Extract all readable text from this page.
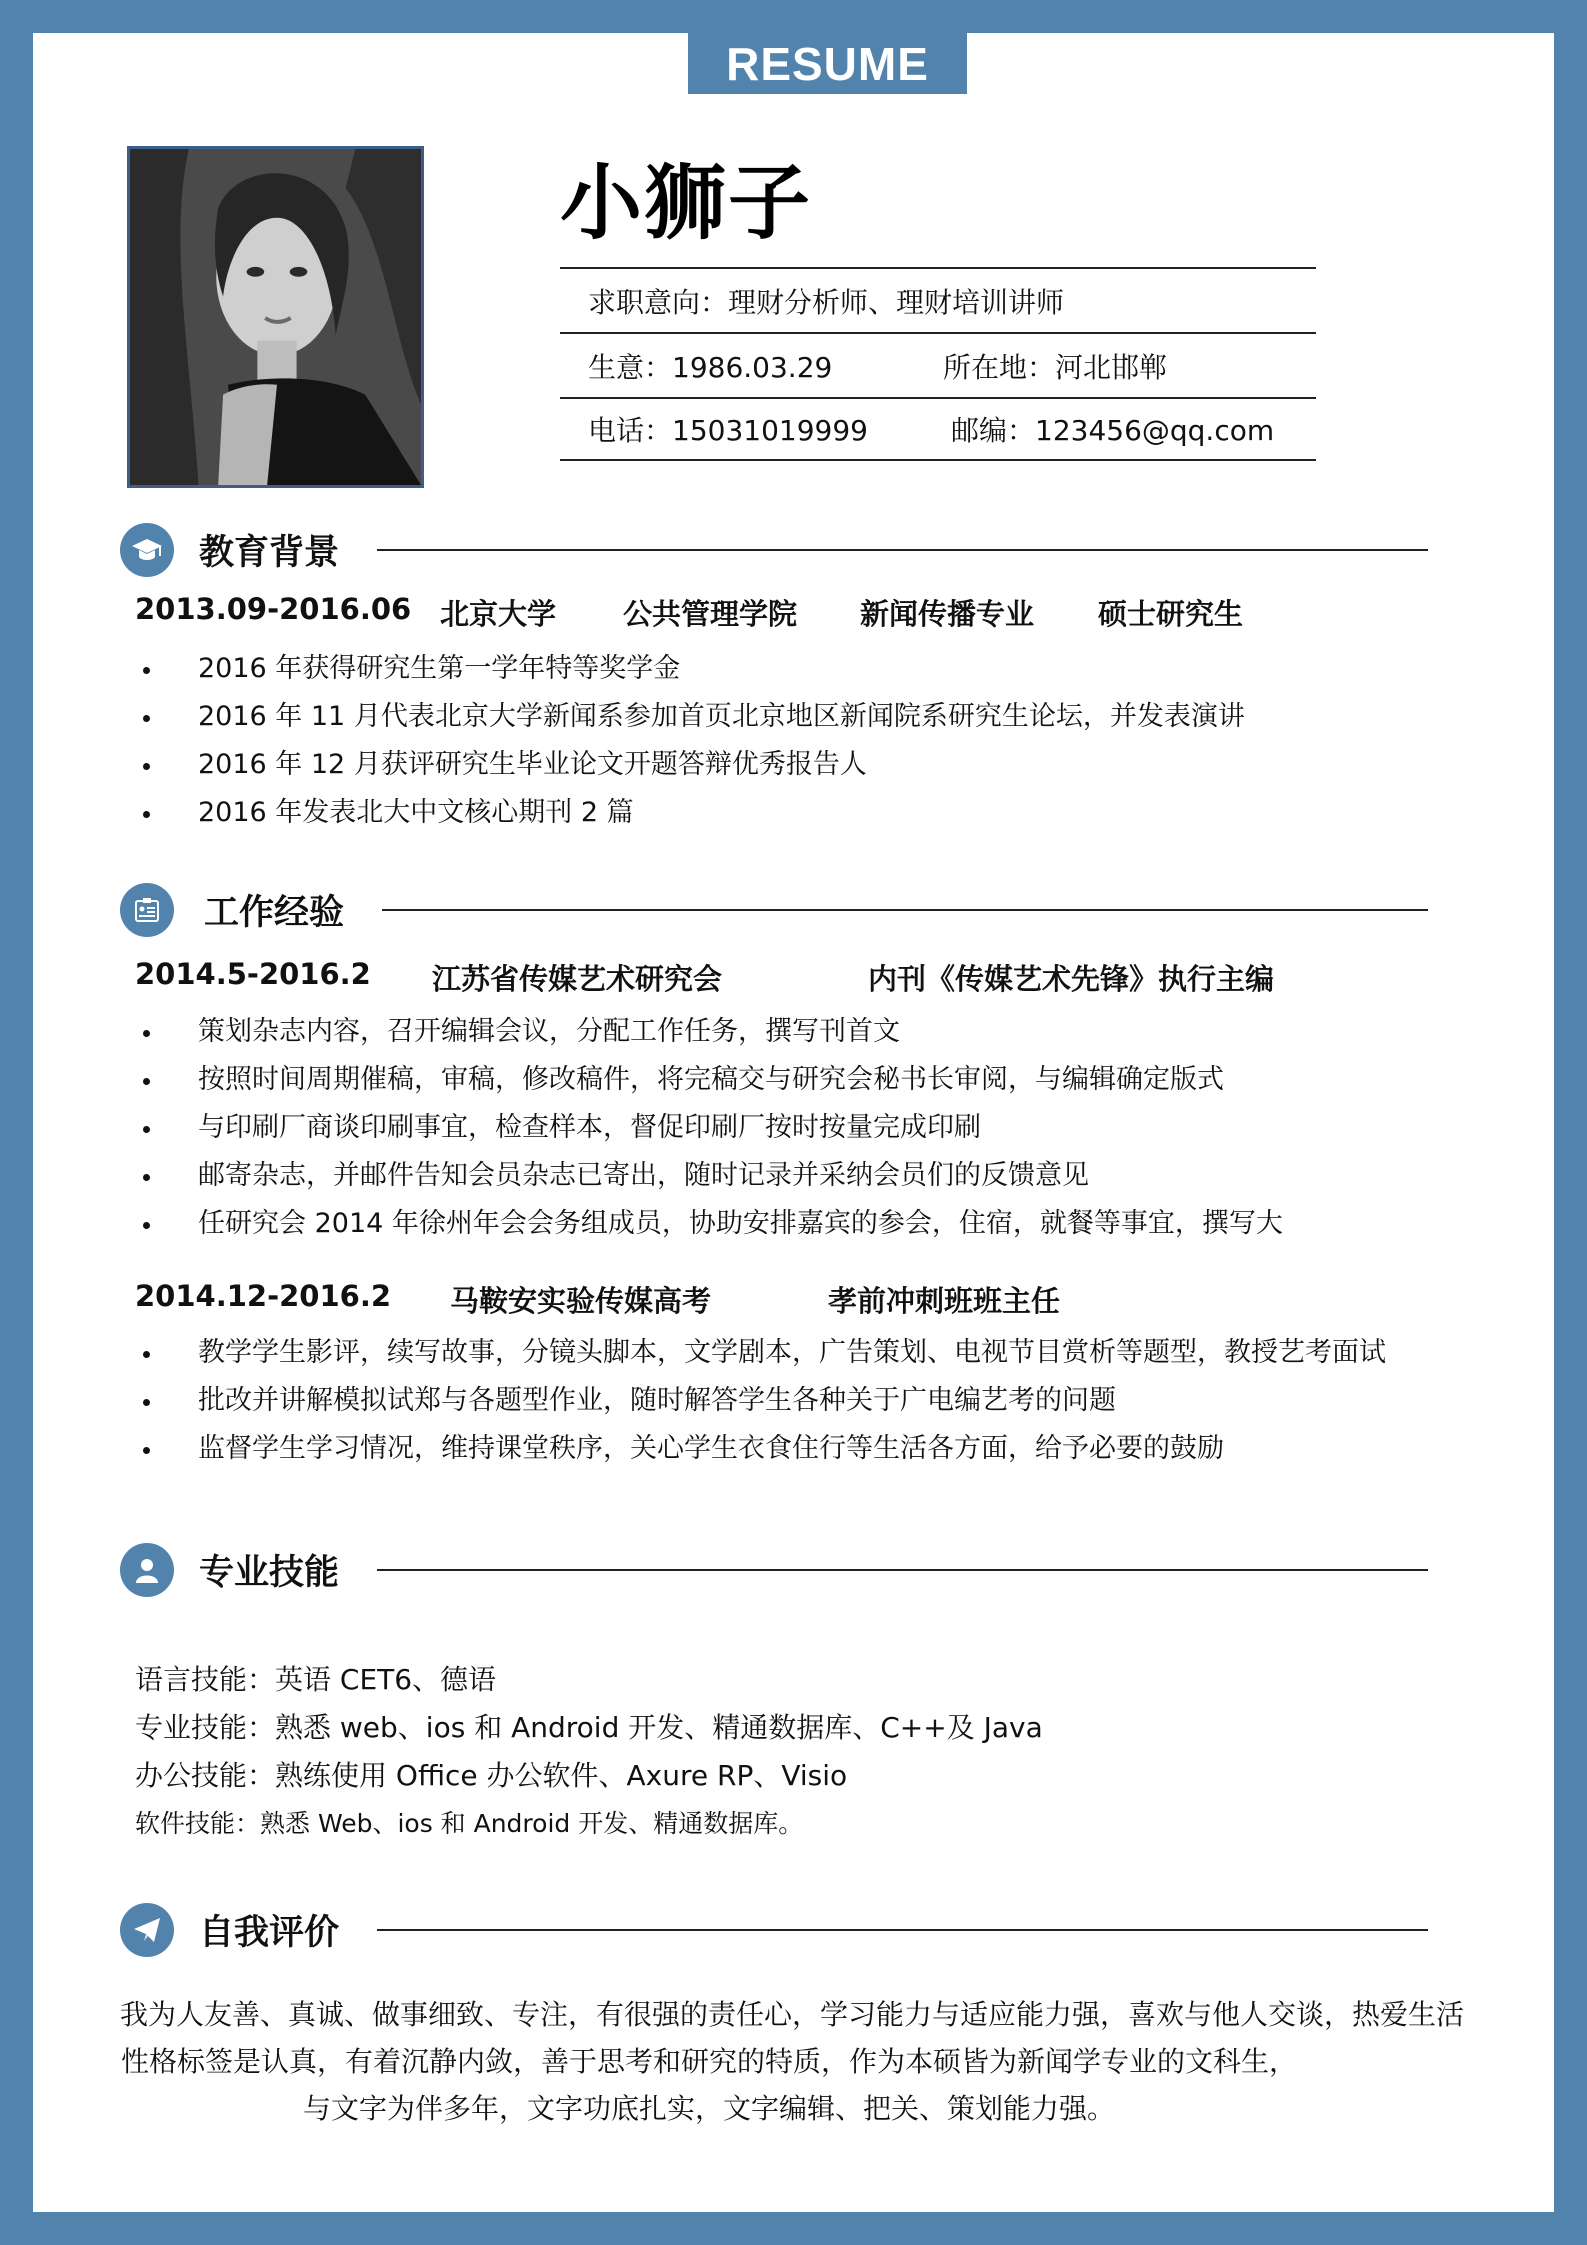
RESUME
小狮子
求职意向：理财分析师、理财培训讲师
生意：1986.03.29	所在地：河北邯郸
电话：15031019999	邮编：123456@qq.com
教育背景
2013.09-2016.06 北京大学 公共管理学院 新闻传播专业 硕士研究生
2016 年获得研究生第一学年特等奖学金
2016 年 11 月代表北京大学新闻系参加首页北京地区新闻院系研究生论坛，并发表演讲
2016 年 12 月获评研究生毕业论文开题答辩优秀报告人
2016 年发表北大中文核心期刊 2 篇
工作经验
2014.5-2016.2 江苏省传媒艺术研究会	内刊《传媒艺术先锋》执行主编
策划杂志内容，召开编辑会议，分配工作任务，撰写刊首文
按照时间周期催稿，审稿，修改稿件，将完稿交与研究会秘书长审阅，与编辑确定版式
与印刷厂商谈印刷事宜，检查样本，督促印刷厂按时按量完成印刷
邮寄杂志，并邮件告知会员杂志已寄出，随时记录并采纳会员们的反馈意见
任研究会 2014 年徐州年会会务组成员，协助安排嘉宾的参会，住宿，就餐等事宜，撰写大
2014.12-2016.2 马鞍安实验传媒高考	孝前冲刺班班主任
教学学生影评，续写故事，分镜头脚本，文学剧本，广告策划、电视节目赏析等题型，教授艺考面试
批改并讲解模拟试郑与各题型作业，随时解答学生各种关于广电编艺考的问题
监督学生学习情况，维持课堂秩序，关心学生衣食住行等生活各方面，给予必要的鼓励
专业技能
语言技能：英语 CET6、德语
专业技能：熟悉 web、ios 和 Android 开发、精通数据库、C++及 Java
办公技能：熟练使用 Office 办公软件、Axure RP、Visio
软件技能：熟悉 Web、ios 和 Android 开发、精通数据库。
自我评价
我为人友善、真诚、做事细致、专注，有很强的责任心，学习能力与适应能力强，喜欢与他人交谈，热爱生活
性格标签是认真，有着沉静内敛，善于思考和研究的特质，作为本硕皆为新闻学专业的文科生，
与文字为伴多年，文字功底扎实，文字编辑、把关、策划能力强。
